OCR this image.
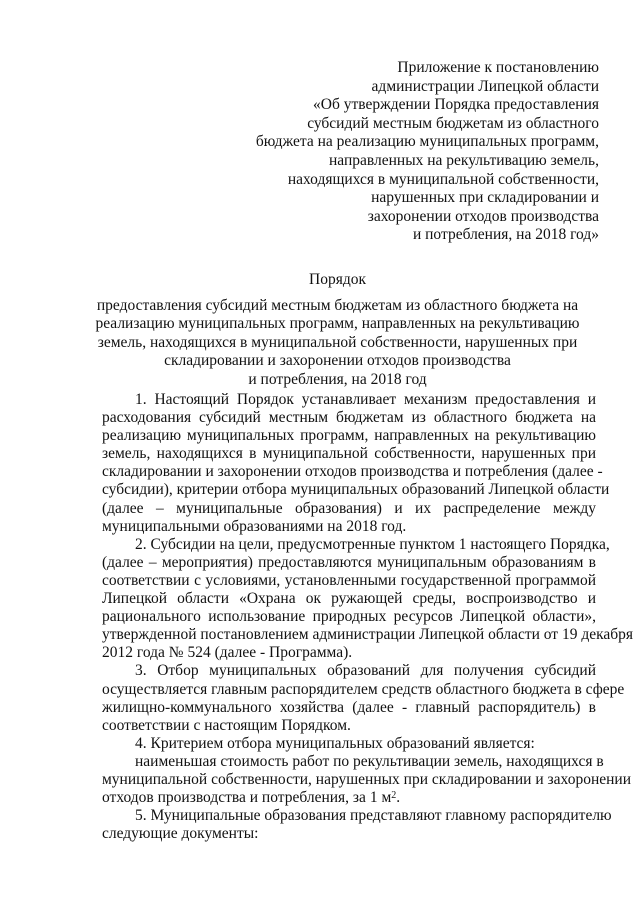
Приложение к постановлению
администрации Липецкой области
«Об утверждении Порядка предоставления
субсидий местным бюджетам из областного
бюджета на реализацию муниципальных программ,
направленных на рекультивацию земель,
находящихся в муниципальной собственности,
нарушенных при складировании и
захоронении отходов производства
и потребления, на 2018 год»
Порядок
предоставления субсидий местным бюджетам из областного бюджета на
реализацию муниципальных программ, направленных на рекультивацию
земель, находящихся в муниципальной собственности, нарушенных при
складировании и захоронении отходов производства
и потребления, на 2018 год
1. Настоящий Порядок устанавливает механизм предоставления и
расходования субсидий местным бюджетам из областного бюджета на
реализацию муниципальных программ, направленных на рекультивацию
земель, находящихся в муниципальной собственности, нарушенных при
складировании и захоронении отходов производства и потребления (далее -
субсидии), критерии отбора муниципальных образований Липецкой области
(далее – муниципальные образования) и их распределение между
муниципальными образованиями на 2018 год.
2. Субсидии на цели, предусмотренные пунктом 1 настоящего Порядка,
(далее – мероприятия) предоставляются муниципальным образованиям в
соответствии с условиями, установленными государственной программой
Липецкой области «Охрана ок ружающей среды, воспроизводство и
рационального использование природных ресурсов Липецкой области»,
утвержденной постановлением администрации Липецкой области от 19 декабря
2012 года № 524 (далее - Программа).
3. Отбор муниципальных образований для получения субсидий
осуществляется главным распорядителем средств областного бюджета в сфере
жилищно-коммунального хозяйства (далее - главный распорядитель) в
соответствии с настоящим Порядком.
4. Критерием отбора муниципальных образований является:
наименьшая стоимость работ по рекультивации земель, находящихся в
муниципальной собственности, нарушенных при складировании и захоронении
отходов производства и потребления, за 1 $м^2$.
5. Муниципальные образования представляют главному распорядителю
следующие документы:
